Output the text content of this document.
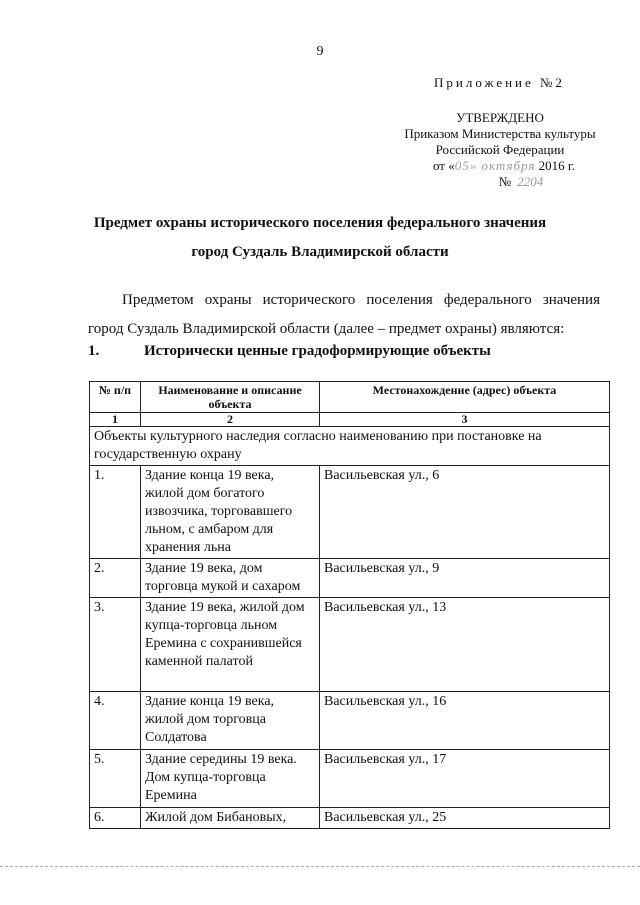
9
Приложение №2
УТВЕРЖДЕНО
Приказом Министерства культуры
Российской Федерации
от «05» октября 2016 г.
№ 2204
Предмет охраны исторического поселения федерального значения
город Суздаль Владимирской области
Предметом охраны исторического поселения федерального значения
город Суздаль Владимирской области (далее – предмет охраны) являются:
1.	Исторически ценные градоформирующие объекты
№ п/п	Наименование и описание объекта	Местонахождение (адрес) объекта
1	2	3
Объекты культурного наследия согласно наименованию при постановке на государственную охрану		
1.	Здание конца 19 века, жилой дом богатого извозчика, торговавшего льном, с амбаром для хранения льна	Васильевская ул., 6
2.	Здание 19 века, дом торговца мукой и сахаром	Васильевская ул., 9
3.	Здание 19 века, жилой дом купца-торговца льном Еремина с сохранившейся каменной палатой	Васильевская ул., 13
4.	Здание конца 19 века, жилой дом торговца Солдатова	Васильевская ул., 16
5.	Здание середины 19 века. Дом купца-торговца Еремина	Васильевская ул., 17
6.	Жилой дом Бибановых,	Васильевская ул., 25
